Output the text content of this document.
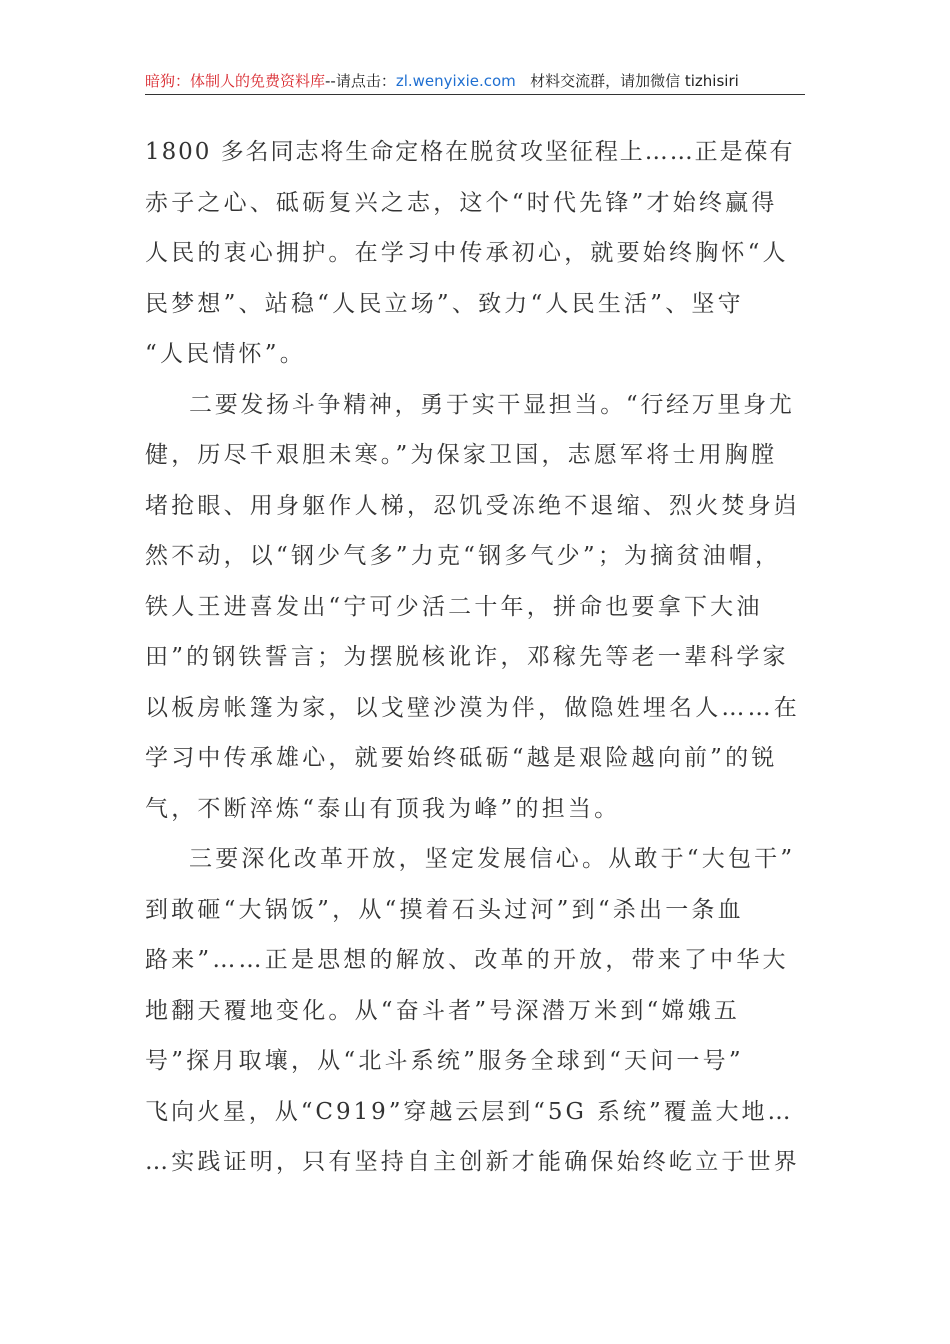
暗狗：体制人的免费资料库--请点击：zl.wenyixie.com 材料交流群，请加微信 tizhisiri
1800 多名同志将生命定格在脱贫攻坚征程上……正是葆有
赤子之心、砥砺复兴之志，这个“时代先锋”才始终赢得
人民的衷心拥护。在学习中传承初心，就要始终胸怀“人
民梦想”、站稳“人民立场”、致力“人民生活”、坚守
“人民情怀”。
二要发扬斗争精神，勇于实干显担当。“行经万里身尤
健，历尽千艰胆未寒。”为保家卫国，志愿军将士用胸膛
堵抢眼、用身躯作人梯，忍饥受冻绝不退缩、烈火焚身岿
然不动，以“钢少气多”力克“钢多气少”；为摘贫油帽，
铁人王进喜发出“宁可少活二十年，拼命也要拿下大油
田”的钢铁誓言；为摆脱核讹诈，邓稼先等老一辈科学家
以板房帐篷为家，以戈壁沙漠为伴，做隐姓埋名人……在
学习中传承雄心，就要始终砥砺“越是艰险越向前”的锐
气，不断淬炼“泰山有顶我为峰”的担当。
三要深化改革开放，坚定发展信心。从敢于“大包干”
到敢砸“大锅饭”，从“摸着石头过河”到“杀出一条血
路来”……正是思想的解放、改革的开放，带来了中华大
地翻天覆地变化。从“奋斗者”号深潜万米到“嫦娥五
号”探月取壤，从“北斗系统”服务全球到“天问一号”
飞向火星，从“C919”穿越云层到“5G 系统”覆盖大地…
…实践证明，只有坚持自主创新才能确保始终屹立于世界
